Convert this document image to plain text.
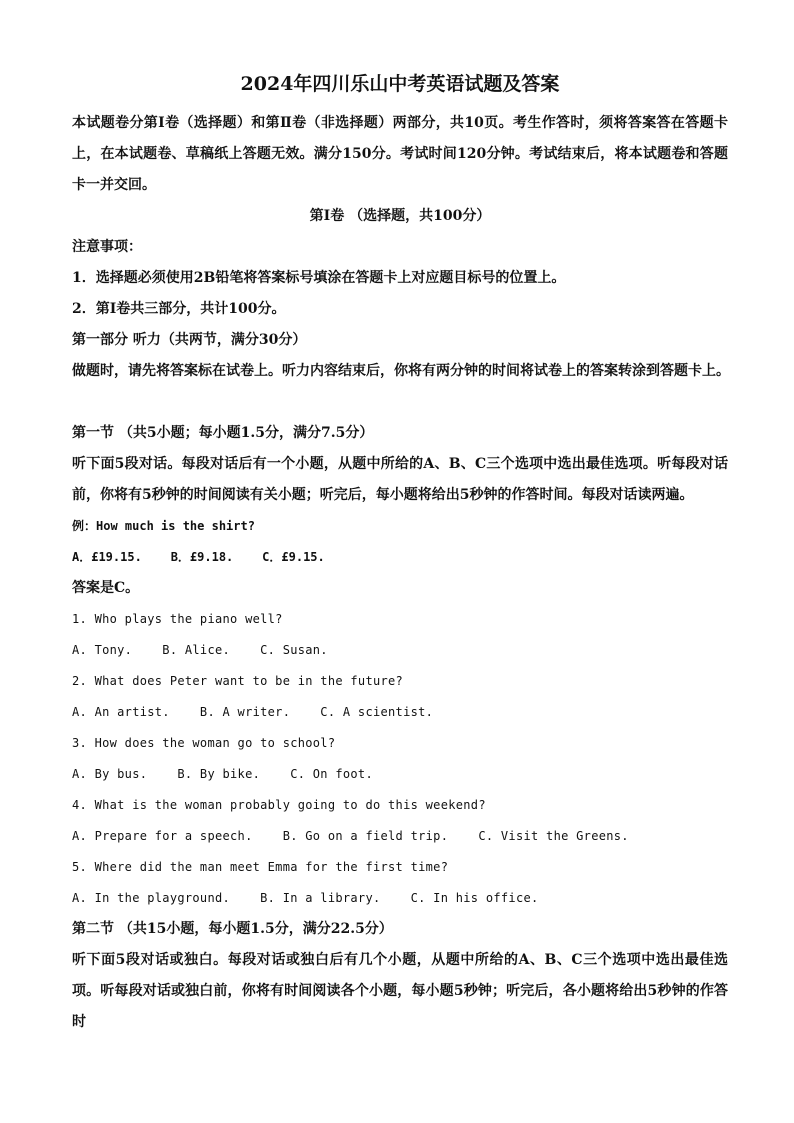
2024年四川乐山中考英语试题及答案

本试题卷分第Ⅰ卷（选择题）和第Ⅱ卷（非选择题）两部分，共10页。考生作答时，须将答案答在答题卡上，在本试题卷、草稿纸上答题无效。满分150分。考试时间120分钟。考试结束后，将本试题卷和答题卡一并交回。

第Ⅰ卷 （选择题，共100分）

注意事项：

1．选择题必须使用2B铅笔将答案标号填涂在答题卡上对应题目标号的位置上。

2．第Ⅰ卷共三部分，共计100分。

第一部分 听力（共两节，满分30分）

做题时，请先将答案标在试卷上。听力内容结束后，你将有两分钟的时间将试卷上的答案转涂到答题卡上。

第一节 （共5小题；每小题1.5分，满分7.5分）

听下面5段对话。每段对话后有一个小题，从题中所给的A、B、C三个选项中选出最佳选项。听每段对话前，你将有5秒钟的时间阅读有关小题；听完后，每小题将给出5秒钟的作答时间。每段对话读两遍。

例：How much is the shirt?

A．£19.15.    B．£9.18.    C．£9.15.

答案是C。

1. Who plays the piano well?

A. Tony.    B. Alice.    C. Susan.

2. What does Peter want to be in the future?

A. An artist.    B. A writer.    C. A scientist.

3. How does the woman go to school?

A. By bus.    B. By bike.    C. On foot.

4. What is the woman probably going to do this weekend?

A. Prepare for a speech.    B. Go on a field trip.    C. Visit the Greens.

5. Where did the man meet Emma for the first time?

A. In the playground.    B. In a library.    C. In his office.

第二节 （共15小题，每小题1.5分，满分22.5分）

听下面5段对话或独白。每段对话或独白后有几个小题，从题中所给的A、B、C三个选项中选出最佳选项。听每段对话或独白前，你将有时间阅读各个小题，每小题5秒钟；听完后，各小题将给出5秒钟的作答时
